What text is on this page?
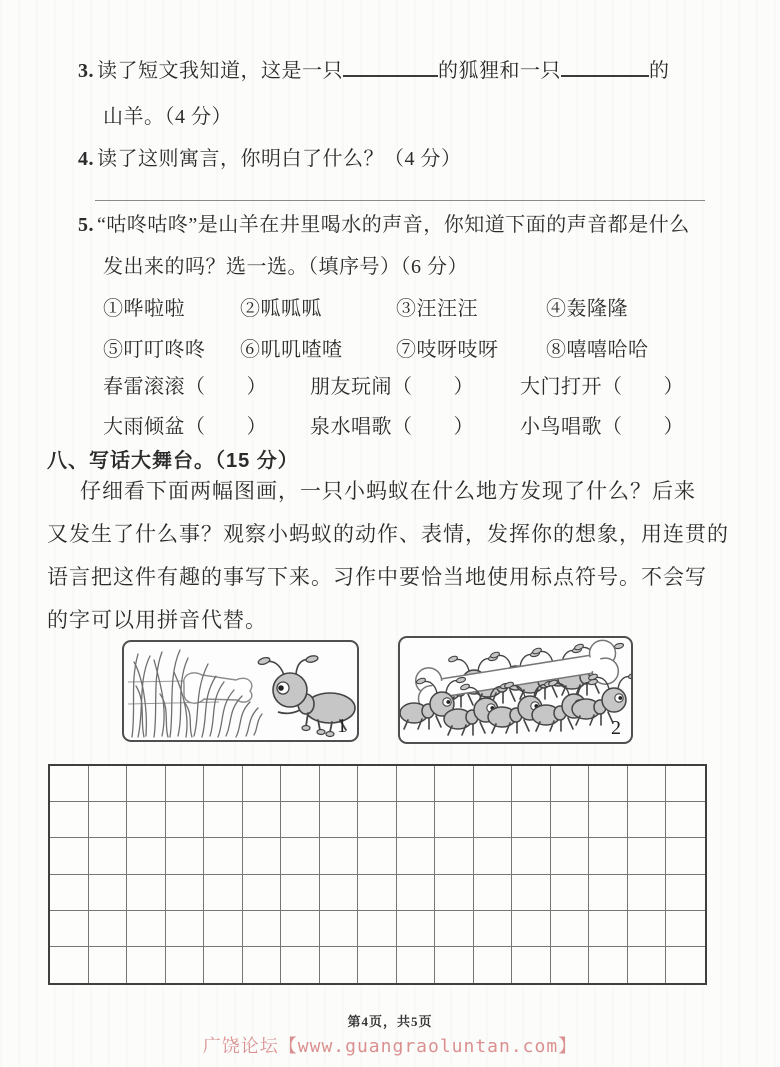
3. 读了短文我知道，这是一只	的狐狸和一只	的
山羊。（4 分）
4. 读了这则寓言，你明白了什么？（4 分）
5. “咕咚咕咚”是山羊在井里喝水的声音，你知道下面的声音都是什么
发出来的吗？选一选。（填序号）（6 分）
①哗啦啦	②呱呱呱	③汪汪汪	④轰隆隆
⑤叮叮咚咚	⑥叽叽喳喳	⑦吱呀吱呀	⑧嘻嘻哈哈
春雷滚滚（　　）	朋友玩闹（　　）	大门打开（　　）
大雨倾盆（　　）	泉水唱歌（　　）	小鸟唱歌（　　）
八、写话大舞台。（15 分）
仔细看下面两幅图画，一只小蚂蚁在什么地方发现了什么？后来
又发生了什么事？观察小蚂蚁的动作、表情，发挥你的想象，用连贯的
语言把这件有趣的事写下来。习作中要恰当地使用标点符号。不会写
的字可以用拼音代替。
1	2
第4页，共5页
广饶论坛【www.guangraoluntan.com】
